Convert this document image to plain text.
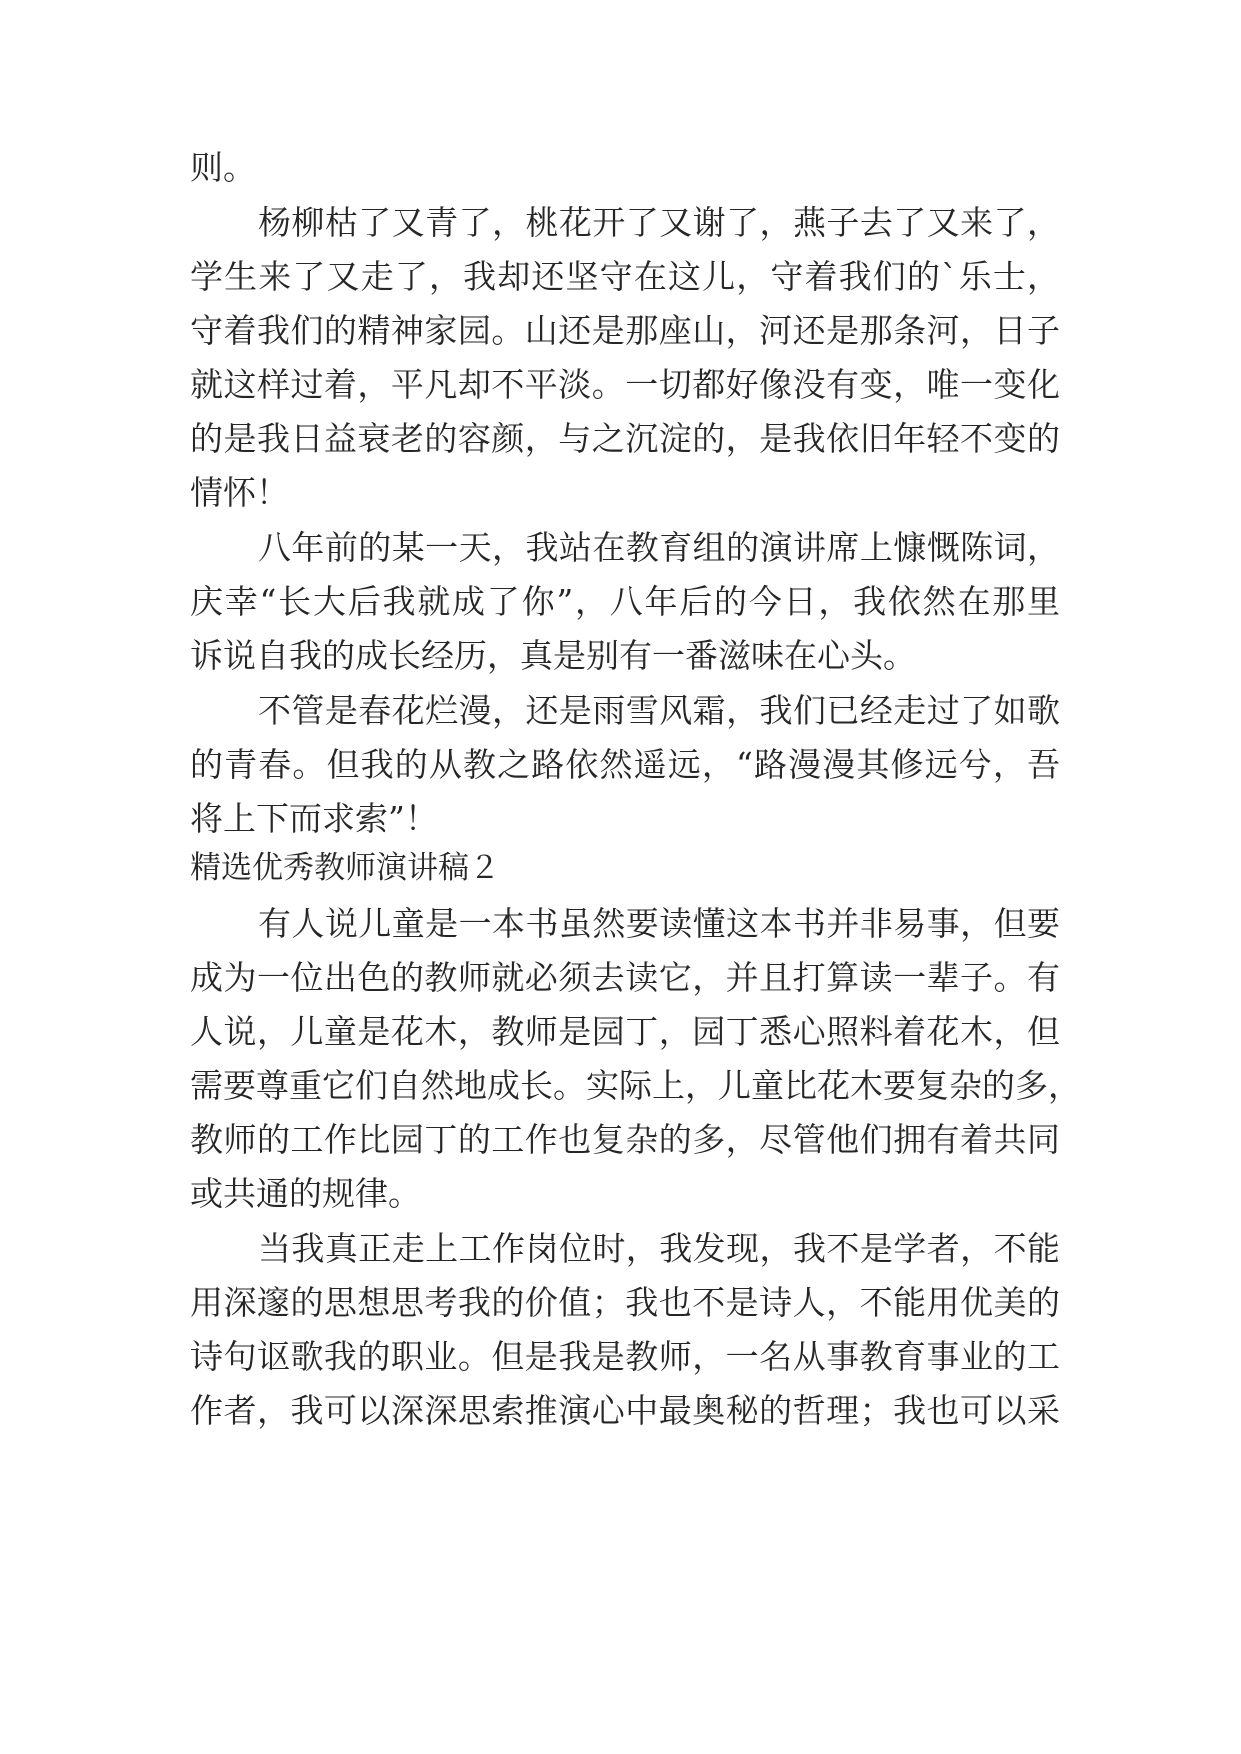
则。
杨柳枯了又青了，桃花开了又谢了，燕子去了又来了，
学生来了又走了，我却还坚守在这儿，守着我们的`乐士，
守着我们的精神家园。山还是那座山，河还是那条河，日子
就这样过着，平凡却不平淡。一切都好像没有变，唯一变化
的是我日益衰老的容颜，与之沉淀的，是我依旧年轻不变的
情怀！
八年前的某一天，我站在教育组的演讲席上慷慨陈词，
庆幸“长大后我就成了你”，八年后的今日，我依然在那里
诉说自我的成长经历，真是别有一番滋味在心头。
不管是春花烂漫，还是雨雪风霜，我们已经走过了如歌
的青春。但我的从教之路依然遥远，“路漫漫其修远兮，吾
将上下而求索”！
精选优秀教师演讲稿２
有人说儿童是一本书虽然要读懂这本书并非易事，但要
成为一位出色的教师就必须去读它，并且打算读一辈子。有
人说，儿童是花木，教师是园丁，园丁悉心照料着花木，但
需要尊重它们自然地成长。实际上，儿童比花木要复杂的多，
教师的工作比园丁的工作也复杂的多，尽管他们拥有着共同
或共通的规律。
当我真正走上工作岗位时，我发现，我不是学者，不能
用深邃的思想思考我的价值；我也不是诗人，不能用优美的
诗句讴歌我的职业。但是我是教师，一名从事教育事业的工
作者，我可以深深思索推演心中最奥秘的哲理；我也可以采
